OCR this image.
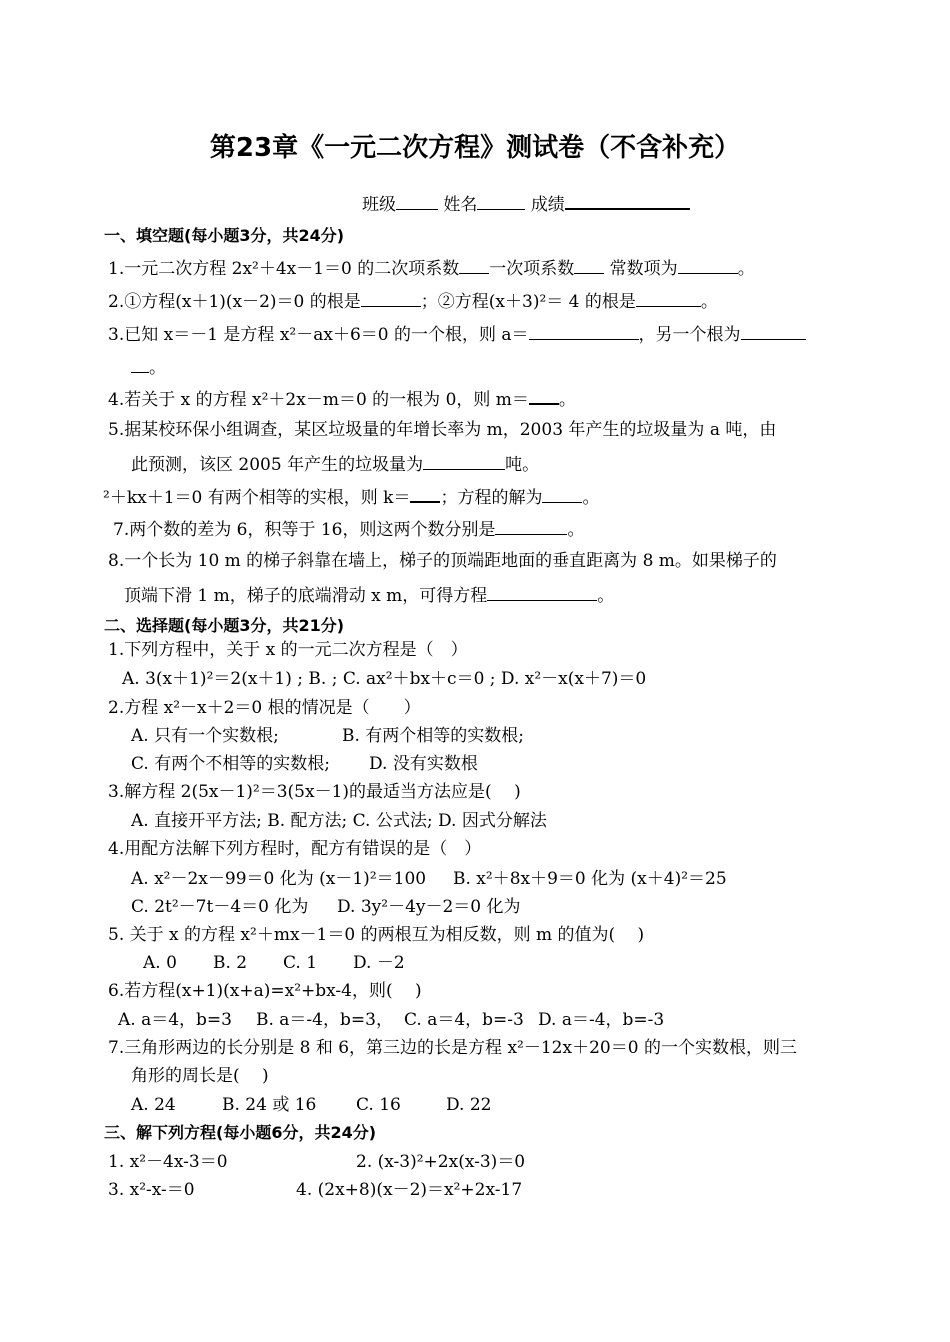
第23章《一元二次方程》测试卷（不含补充）
班级	姓名	成绩
一、填空题(每小题3分，共24分)
1.一元二次方程 2x²＋4x－1＝0 的二次项系数 一次项系数 常数项为	。
2.①方程(x＋1)(x－2)＝0 的根是	；②方程(x＋3)²＝ 4 的根是	。
3.已知 x＝－1 是方程 x²－ax＋6＝0 的一个根，则 a＝	，另一个根为
。
4.若关于 x 的方程 x²＋2x－m＝0 的一根为 0，则 m＝ 。
5.据某校环保小组调查，某区垃圾量的年增长率为 m，2003 年产生的垃圾量为 a 吨，由
此预测，该区 2005 年产生的垃圾量为	吨。
²＋kx＋1＝0 有两个相等的实根，则 k＝ ；方程的解为 。
7.两个数的差为 6，积等于 16，则这两个数分别是	。
8.一个长为 10 m 的梯子斜靠在墙上，梯子的顶端距地面的垂直距离为 8 m。如果梯子的
顶端下滑 1 m，梯子的底端滑动 x m，可得方程	。
二、选择题(每小题3分，共21分)
1.下列方程中，关于 x 的一元二次方程是（　）
A. 3(x＋1)²＝2(x＋1) ; B. ; C. ax²＋bx＋c＝0 ; D. x²－x(x＋7)＝0
2.方程 x²－x＋2＝0 根的情况是（　　）
A. 只有一个实数根;	B. 有两个相等的实数根;
C. 有两个不相等的实数根; D. 没有实数根
3.解方程 2(5x－1)²＝3(5x－1)的最适当方法应是(　 )
A. 直接开平方法; B. 配方法; C. 公式法; D. 因式分解法
4.用配方法解下列方程时，配方有错误的是（　）
A. x²－2x－99＝0 化为 (x－1)²＝100 B. x²＋8x＋9＝0 化为 (x＋4)²＝25
C. 2t²－7t－4＝0 化为 D. 3y²－4y－2＝0 化为
5. 关于 x 的方程 x²＋mx－1＝0 的两根互为相反数，则 m 的值为(　 )
A. 0 B. 2 C. 1 D. －2
6.若方程(x+1)(x+a)=x²+bx-4，则(　 )
A. a＝4，b=3 B. a＝-4，b=3， C. a＝4，b=-3 D. a＝-4，b=-3
7.三角形两边的长分别是 8 和 6，第三边的长是方程 x²－12x＋20＝0 的一个实数根，则三
角形的周长是(　 )
A. 24	B. 24 或 16 C. 16	D. 22
三、解下列方程(每小题6分，共24分)
1. x²－4x-3＝0	2. (x-3)²+2x(x-3)＝0
3. x²-x-＝0	4. (2x+8)(x－2)＝x²+2x-17
